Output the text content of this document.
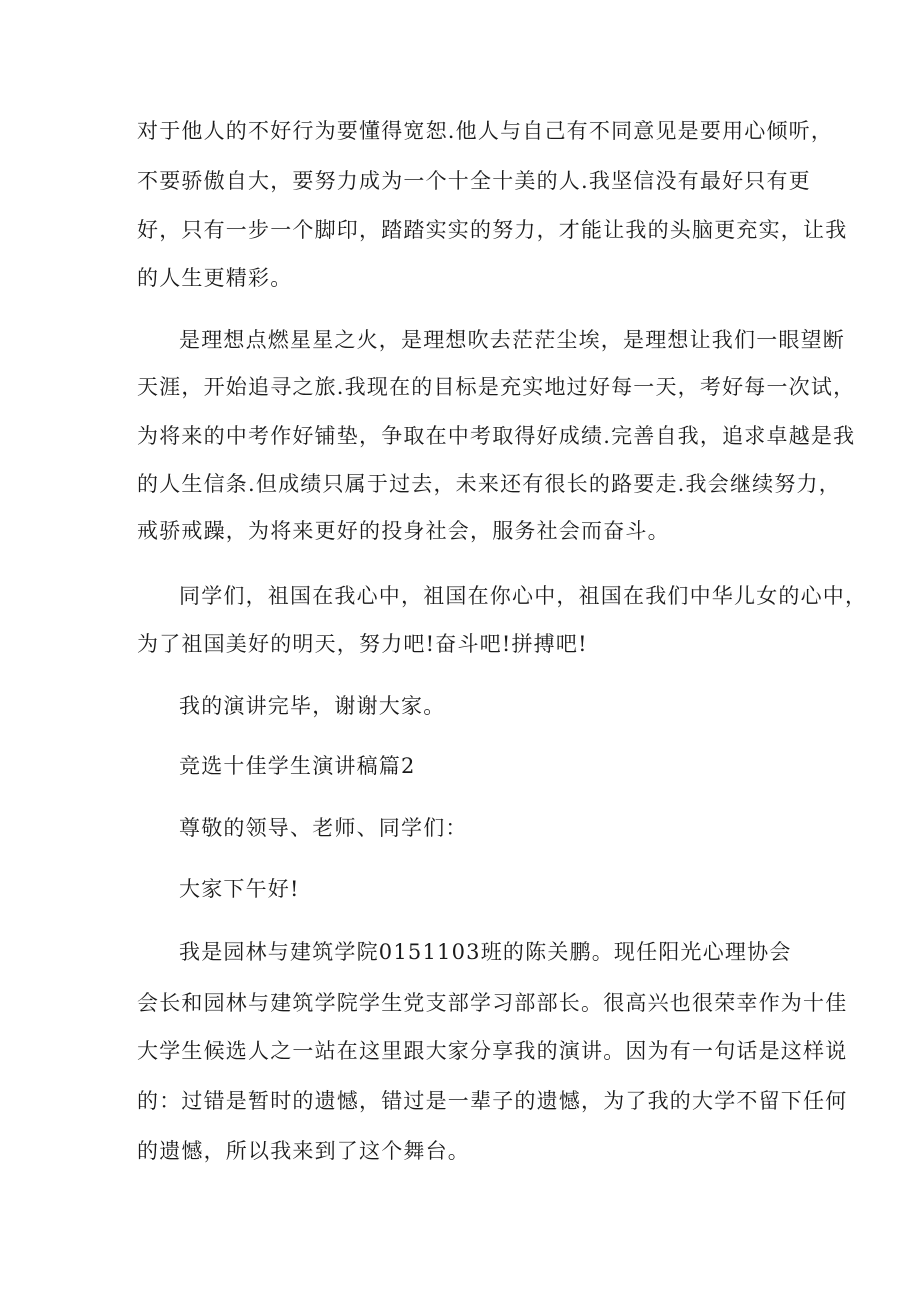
对于他人的不好行为要懂得宽恕.他人与自己有不同意见是要用心倾听，
不要骄傲自大，要努力成为一个十全十美的人.我坚信没有最好只有更
好，只有一步一个脚印，踏踏实实的努力，才能让我的头脑更充实，让我
的人生更精彩。
是理想点燃星星之火，是理想吹去茫茫尘埃，是理想让我们一眼望断
天涯，开始追寻之旅.我现在的目标是充实地过好每一天，考好每一次试，
为将来的中考作好铺垫，争取在中考取得好成绩.完善自我，追求卓越是我
的人生信条.但成绩只属于过去，未来还有很长的路要走.我会继续努力，
戒骄戒躁，为将来更好的投身社会，服务社会而奋斗。
同学们，祖国在我心中，祖国在你心中，祖国在我们中华儿女的心中，
为了祖国美好的明天，努力吧!奋斗吧!拼搏吧!
我的演讲完毕，谢谢大家。
竞选十佳学生演讲稿篇2
尊敬的领导、老师、同学们：
大家下午好!
我是园林与建筑学院0151103班的陈关鹏。现任阳光心理协会
会长和园林与建筑学院学生党支部学习部部长。很高兴也很荣幸作为十佳
大学生候选人之一站在这里跟大家分享我的演讲。因为有一句话是这样说
的：过错是暂时的遗憾，错过是一辈子的遗憾，为了我的大学不留下任何
的遗憾，所以我来到了这个舞台。
